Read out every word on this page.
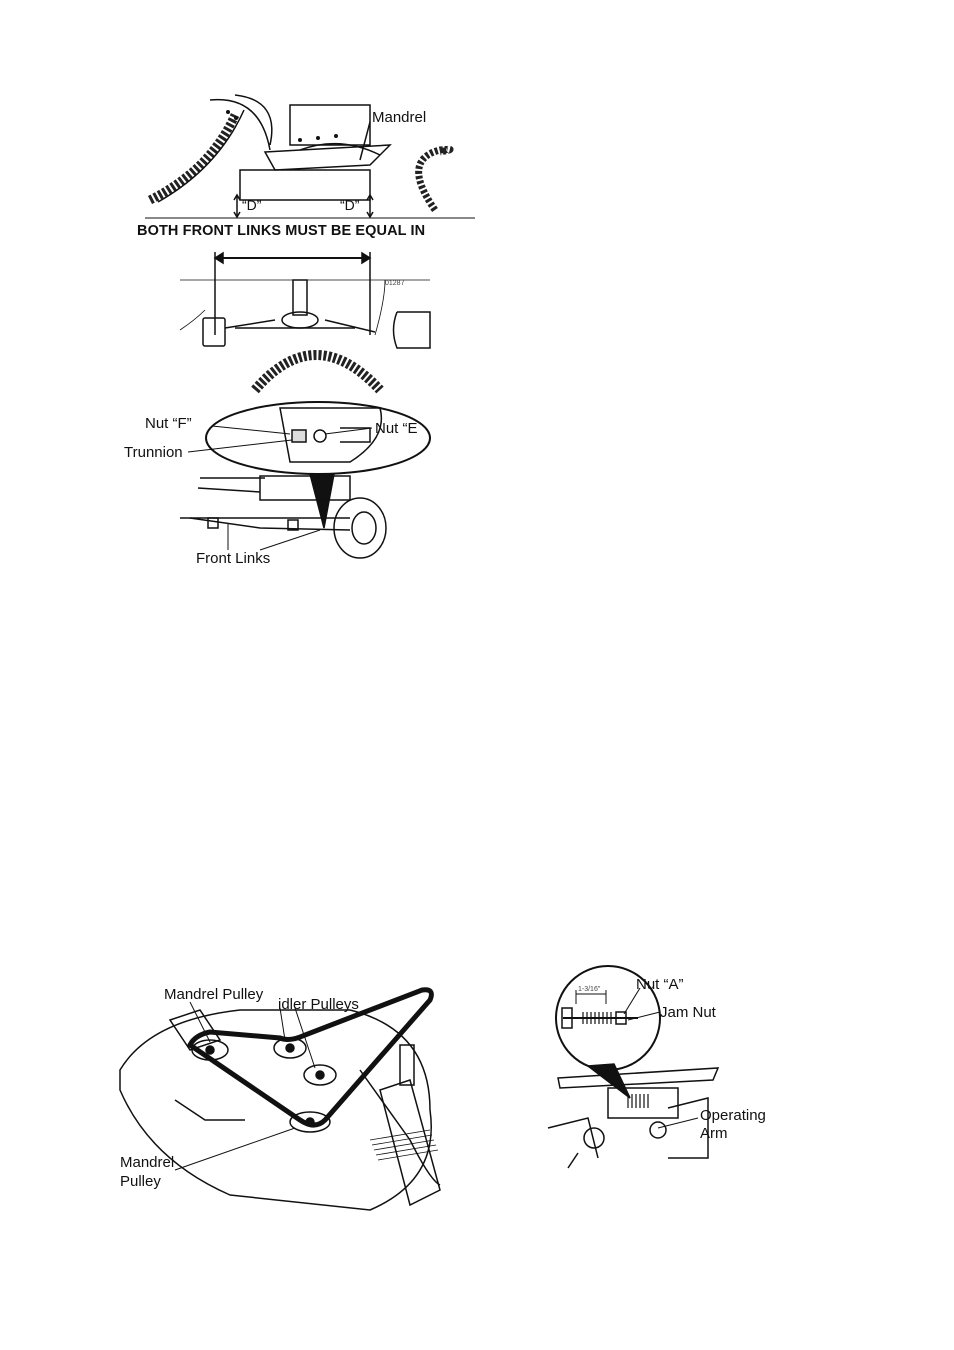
Mandrel
“D”	“D”
BOTH FRONT LINKS MUST BE EQUAL IN
01287
Nut “F”	Nut “E
Trunnion
Front Links
Mandrel Pulley
idler Pulleys
Mandrel
Pulley
1-3/16" Nut “A”
Jam Nut
Operating
Arm
